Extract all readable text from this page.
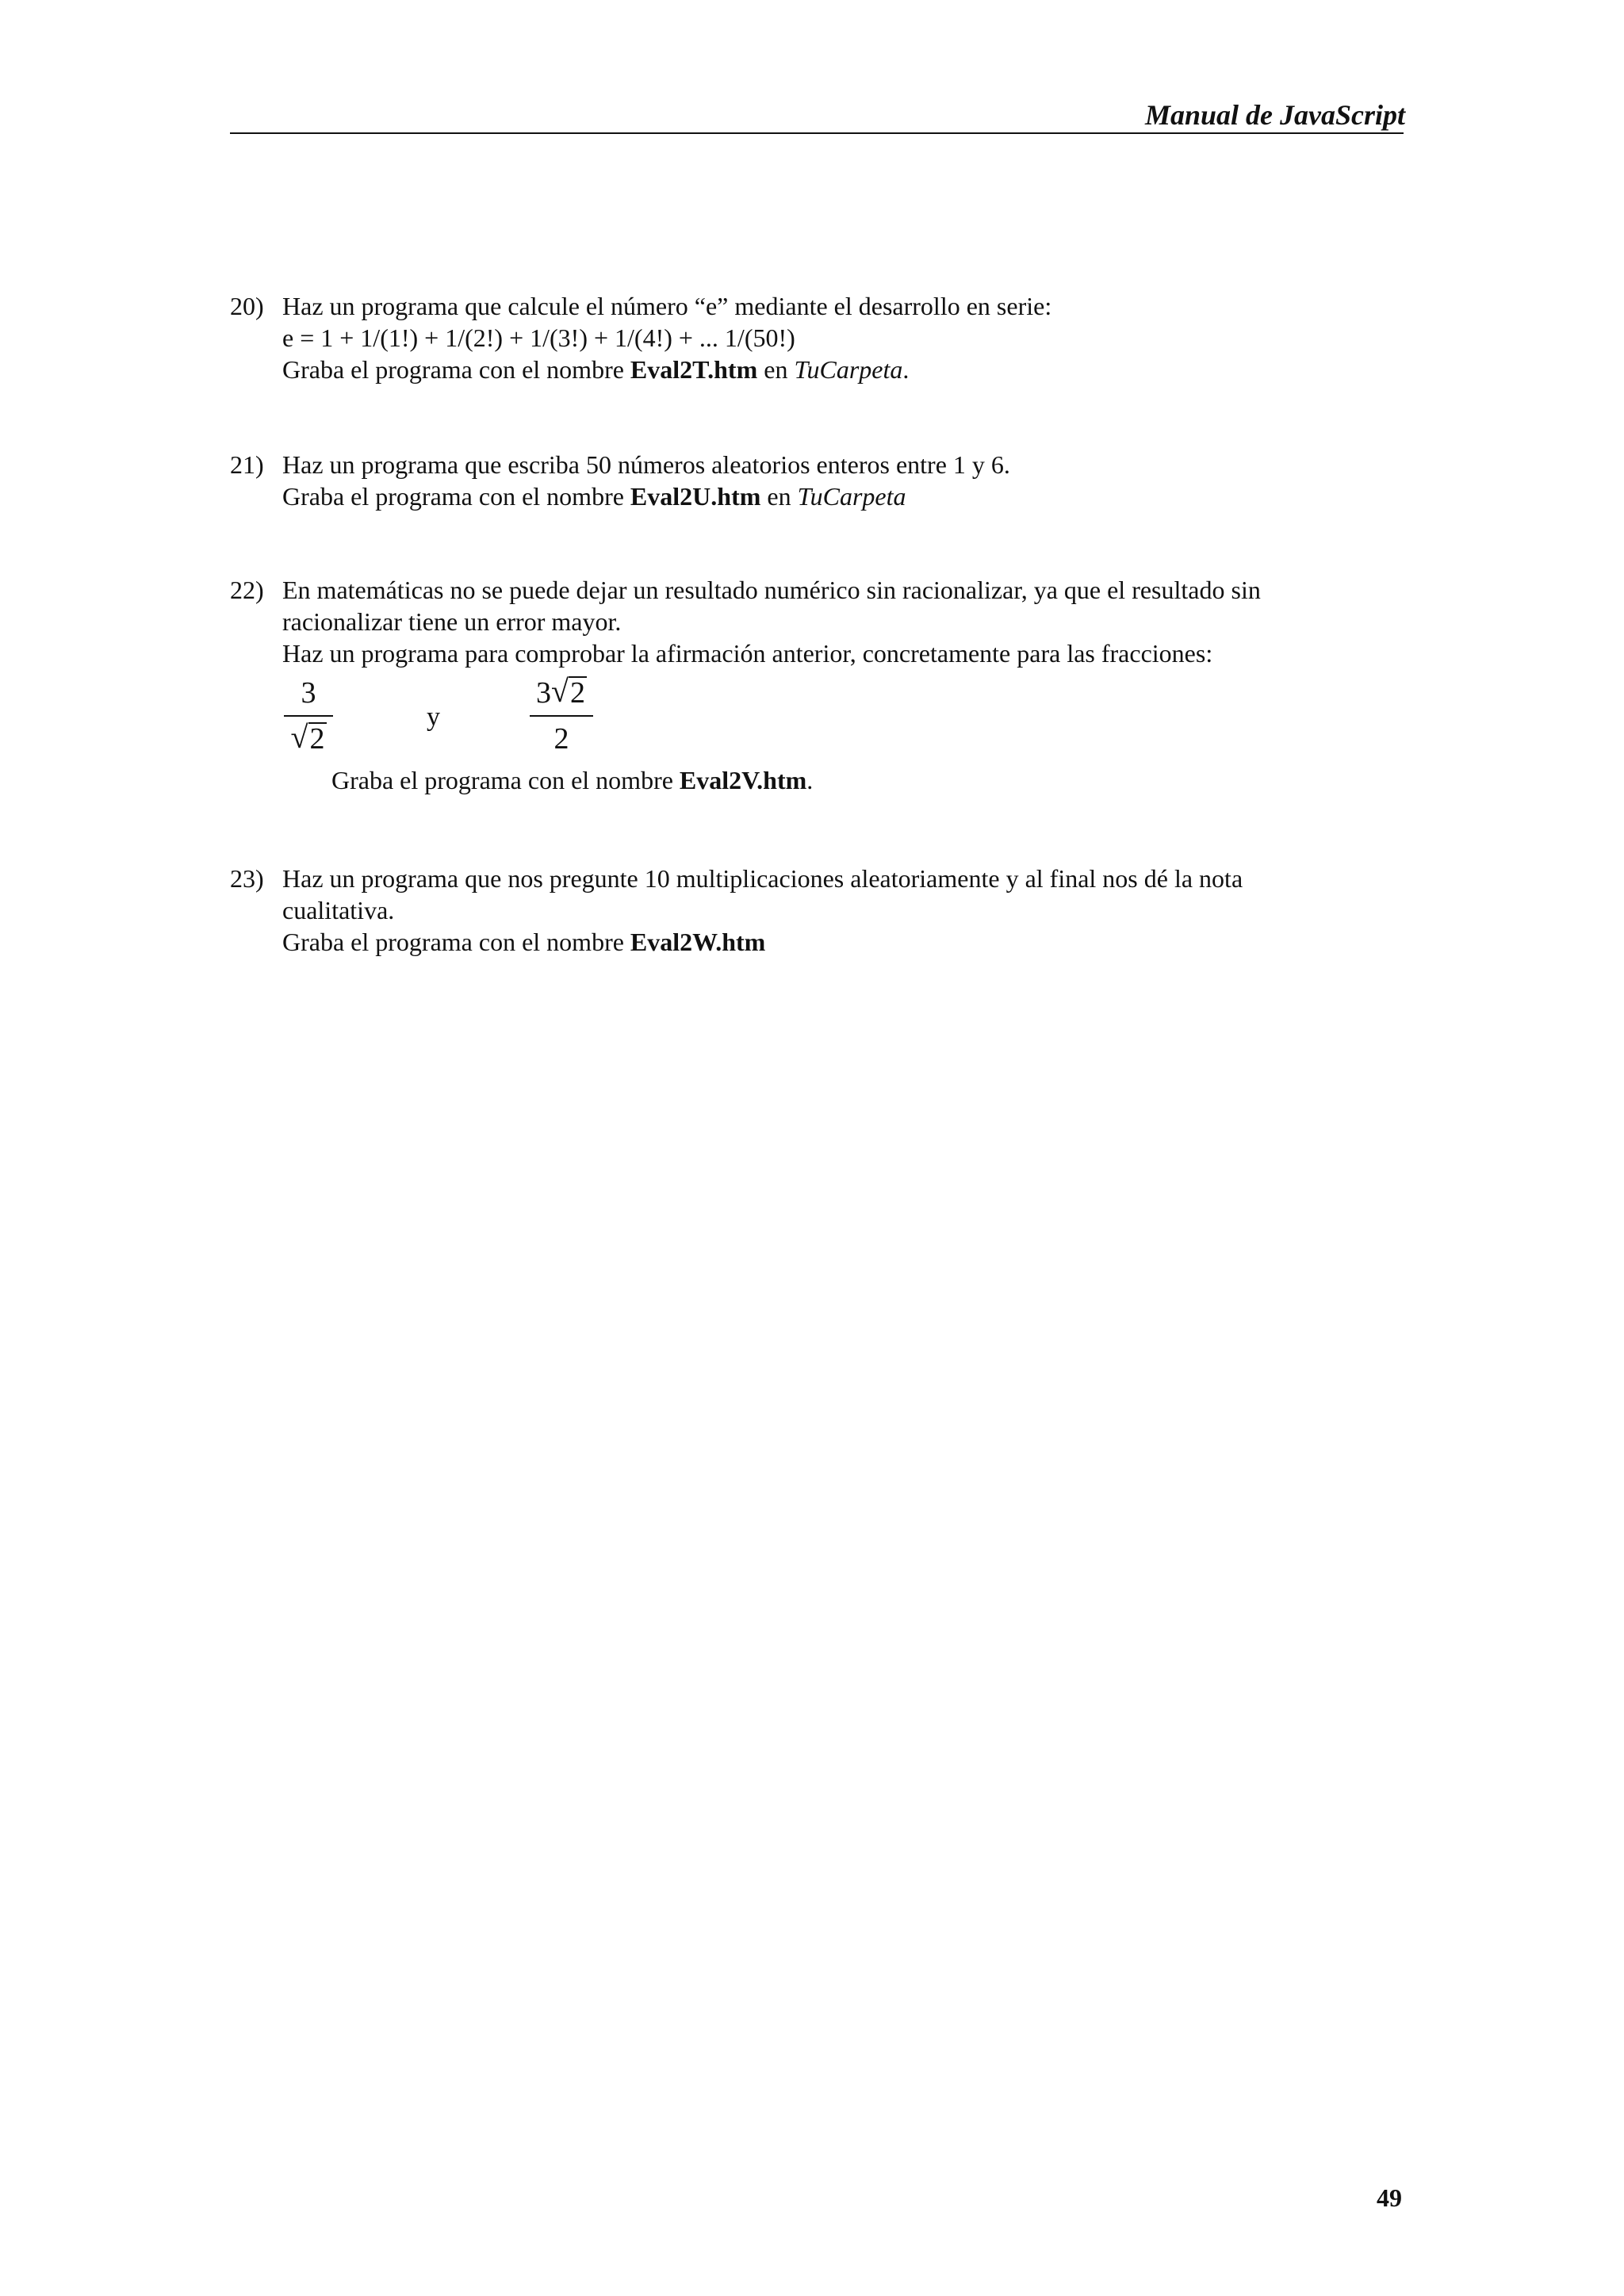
Manual de JavaScript
20) Haz un programa que calcule el número “e” mediante el desarrollo en serie:
e = 1 + 1/(1!) + 1/(2!) + 1/(3!) + 1/(4!) + ... 1/(50!)
Graba el programa con el nombre Eval2T.htm en TuCarpeta.
21) Haz un programa que escriba 50 números aleatorios enteros entre 1 y 6.
Graba el programa con el nombre Eval2U.htm en TuCarpeta
22) En matemáticas no se puede dejar un resultado numérico sin racionalizar, ya que el resultado sin
racionalizar tiene un error mayor.
Haz un programa para comprobar la afirmación anterior, concretamente para las fracciones:
3
√ 2
y
3 √ 2
2
Graba el programa con el nombre Eval2V.htm.
23) Haz un programa que nos pregunte 10 multiplicaciones aleatoriamente y al final nos dé la nota
cualitativa.
Graba el programa con el nombre Eval2W.htm
49
